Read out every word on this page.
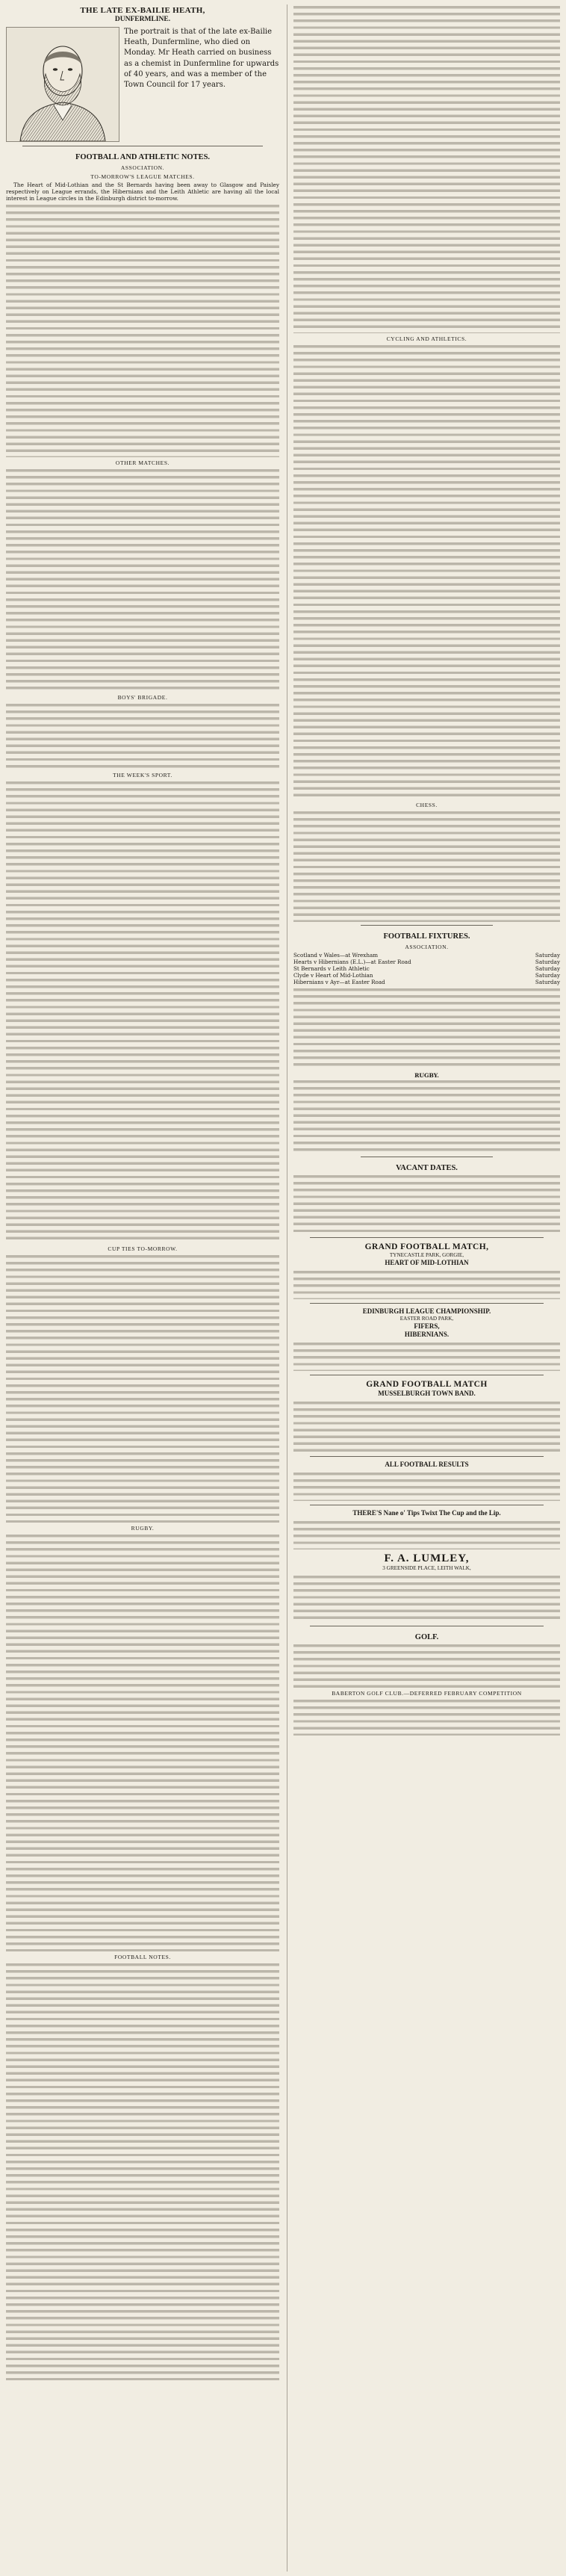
THE LATE EX-BAILIE HEATH,
DUNFERMLINE.
The portrait is that of the late ex-Bailie Heath, Dunfermline, who died on Monday. Mr Heath carried on business as a chemist in Dunfermline for upwards of 40 years, and was a member of the Town Council for 17 years.
FOOTBALL AND ATHLETIC NOTES.
ASSOCIATION.
TO-MORROW'S LEAGUE MATCHES.

The Heart of Mid-Lothian and the St Bernards having been away to Glasgow and Paisley respectively on League errands, the Hibernians and the Leith Athletic are having all the local interest in League circles in the Edinburgh district to-morrow.

OTHER MATCHES.
BOYS' BRIGADE.
THE WEEK'S SPORT.
CUP TIES TO-MORROW.
RUGBY.
FOOTBALL NOTES.
CYCLING AND ATHLETICS.
CHESS.
FOOTBALL FIXTURES.
ASSOCIATION.
Scotland v Wales—at Wrexham	Saturday
Hearts v Hibernians (E.L.)—at Easter Road	Saturday
St Bernards v Leith Athletic	Saturday
Clyde v Heart of Mid-Lothian	Saturday
Hibernians v Ayr—at Easter Road	Saturday
RUGBY.
VACANT DATES.
GRAND FOOTBALL MATCH,
TYNECASTLE PARK, GORGIE,
HEART OF MID-LOTHIAN
EDINBURGH LEAGUE CHAMPIONSHIP.
EASTER ROAD PARK,
FIFERS,
HIBERNIANS.
GRAND FOOTBALL MATCH
MUSSELBURGH TOWN BAND.
ALL FOOTBALL RESULTS
THERE'S Nane o' Tips Twixt The Cup and the Lip.
F. A. LUMLEY,
3 GREENSIDE PLACE, LEITH WALK,
GOLF.
BABERTON GOLF CLUB.—DEFERRED FEBRUARY COMPETITION
